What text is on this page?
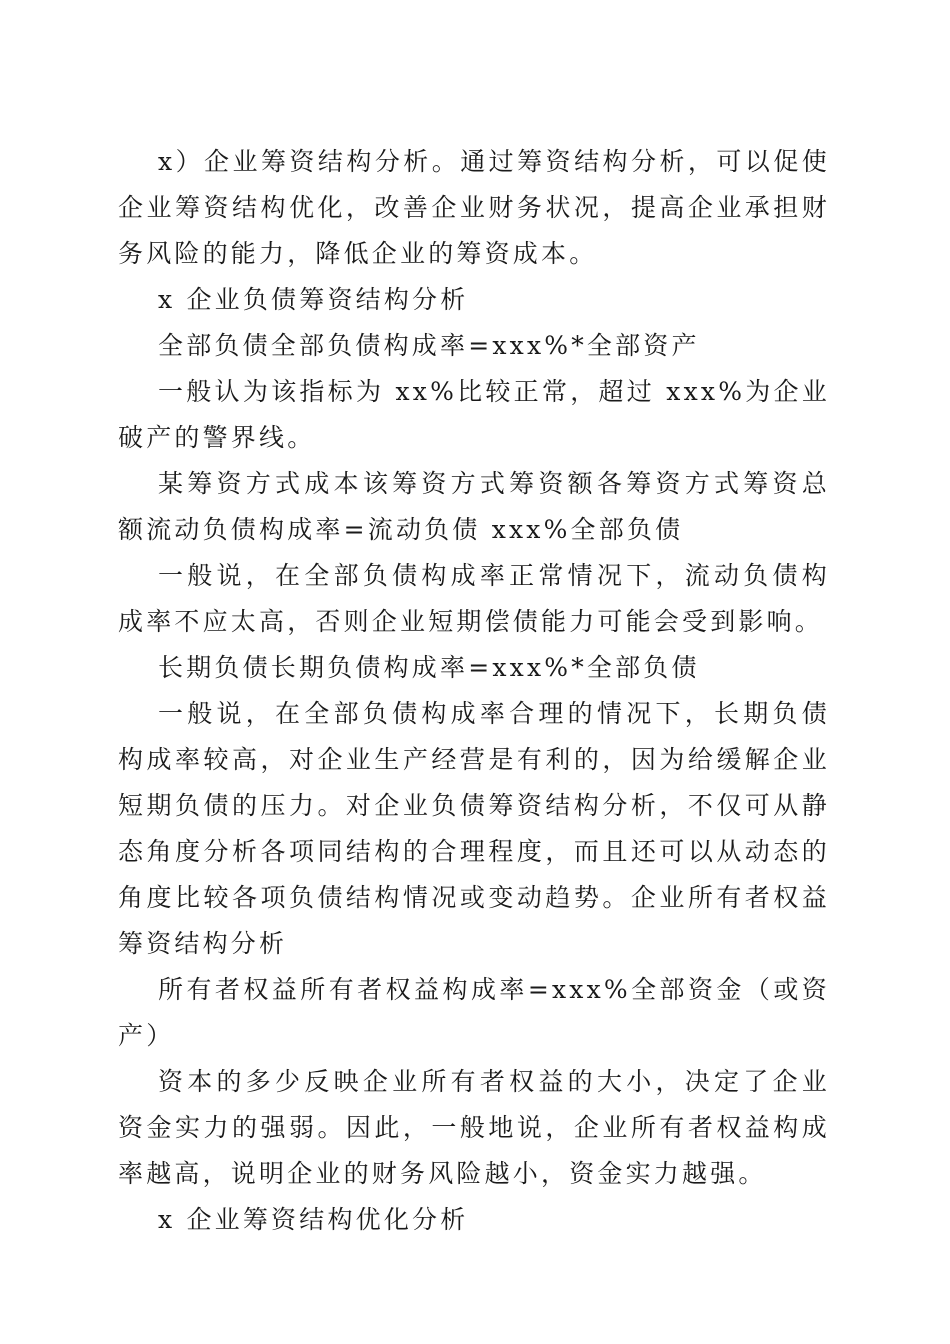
x）企业筹资结构分析。通过筹资结构分析，可以促使企业筹资结构优化，改善企业财务状况，提高企业承担财务风险的能力，降低企业的筹资成本。

x 企业负债筹资结构分析

全部负债全部负债构成率=xxx%*全部资产

一般认为该指标为 xx%比较正常，超过 xxx%为企业破产的警界线。

某筹资方式成本该筹资方式筹资额各筹资方式筹资总额流动负债构成率=流动负债 xxx%全部负债

一般说，在全部负债构成率正常情况下，流动负债构成率不应太高，否则企业短期偿债能力可能会受到影响。

长期负债长期负债构成率=xxx%*全部负债

一般说，在全部负债构成率合理的情况下，长期负债构成率较高，对企业生产经营是有利的，因为给缓解企业短期负债的压力。对企业负债筹资结构分析，不仅可从静态角度分析各项同结构的合理程度，而且还可以从动态的角度比较各项负债结构情况或变动趋势。企业所有者权益筹资结构分析

所有者权益所有者权益构成率=xxx%全部资金（或资产）

资本的多少反映企业所有者权益的大小，决定了企业资金实力的强弱。因此，一般地说，企业所有者权益构成率越高，说明企业的财务风险越小，资金实力越强。

x 企业筹资结构优化分析
